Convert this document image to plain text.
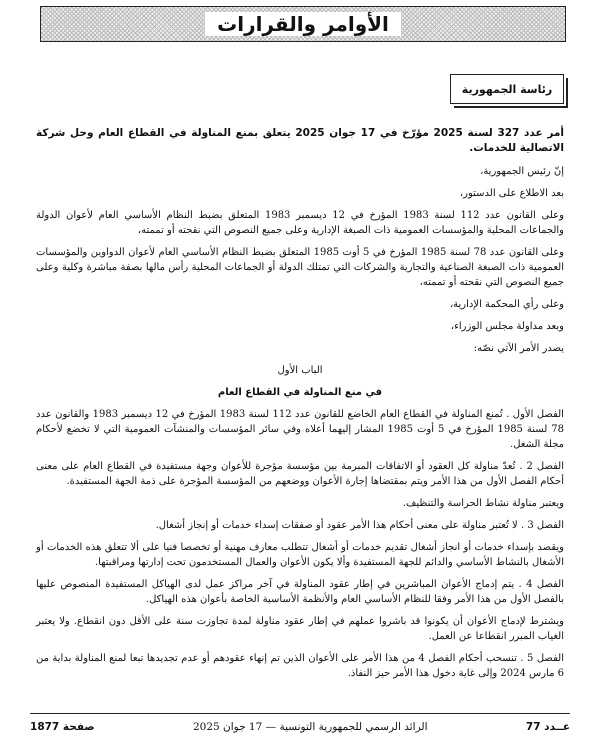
الأوامر والقرارات
رئاسة الجمهورية

أمر عدد 327 لسنة 2025 مؤرّخ في 17 جوان 2025 يتعلق بمنع المناولة في القطاع العام وحل شركة الاتصالية للخدمات.

إنّ رئيس الجمهورية،

بعد الاطلاع على الدستور،

وعلى القانون عدد 112 لسنة 1983 المؤرخ في 12 ديسمبر 1983 المتعلق بضبط النظام الأساسي العام لأعوان الدولة والجماعات المحلية والمؤسسات العمومية ذات الصبغة الإدارية وعلى جميع النصوص التي نقحته أو تممته،

وعلى القانون عدد 78 لسنة 1985 المؤرخ في 5 أوت 1985 المتعلق بضبط النظام الأساسي العام لأعوان الدواوين والمؤسسات العمومية ذات الصبغة الصناعية والتجارية والشركات التي تمتلك الدولة أو الجماعات المحلية رأس مالها بصفة مباشرة وكلية وعلى جميع النصوص التي نقحته أو تممته،

وعلى رأي المحكمة الإدارية،

وبعد مداولة مجلس الوزراء،

يصدر الأمر الآتي نصّه:

الباب الأول

في منع المناولة في القطاع العام

الفصل الأول . تُمنع المناولة في القطاع العام الخاضع للقانون عدد 112 لسنة 1983 المؤرخ في 12 ديسمبر 1983 والقانون عدد 78 لسنة 1985 المؤرخ في 5 أوت 1985 المشار إليهما أعلاه وفي سائر المؤسسات والمنشآت العمومية التي لا تخضع لأحكام مجلة الشغل.

الفصل 2 . تُعدّ مناولة كل العقود أو الاتفاقات المبرمة بين مؤسسة مؤجرة للأعوان وجهة مستفيدة في القطاع العام على معنى أحكام الفصل الأول من هذا الأمر ويتم بمقتضاها إجارة الأعوان ووضعهم من المؤسسة المؤجرة على ذمة الجهة المستفيدة.

ويعتبر مناولة نشاط الحراسة والتنظيف.

الفصل 3 . لا تُعتبر مناولة على معنى أحكام هذا الأمر عقود أو صفقات إسداء خدمات أو إنجاز أشغال.

ويقصد بإسداء خدمات أو انجاز أشغال تقديم خدمات أو أشغال تتطلب معارف مهنية أو تخصصا فنيا على ألا تتعلق هذه الخدمات أو الأشغال بالنشاط الأساسي والدائم للجهة المستفيدة وألا يكون الأعوان والعمال المستخدمون تحت إدارتها ومراقبتها.

الفصل 4 . يتم إدماج الأعوان المباشرين في إطار عقود المناولة في آخر مراكز عمل لدى الهياكل المستفيدة المنصوص عليها بالفصل الأول من هذا الأمر وفقا للنظام الأساسي العام والأنظمة الأساسية الخاصة بأعوان هذه الهياكل.

ويشترط لإدماج الأعوان أن يكونوا قد باشروا عملهم في إطار عقود مناولة لمدة تجاوزت سنة على الأقل دون انقطاع. ولا يعتبر الغياب المبرر انقطاعا عن العمل.

الفصل 5 . تنسحب أحكام الفصل 4 من هذا الأمر على الأعوان الذين تم إنهاء عقودهم أو عدم تجديدها تبعا لمنع المناولة بداية من 6 مارس 2024 وإلى غاية دخول هذا الأمر حيز النفاذ.

عــدد 77
الرائد الرسمي للجمهورية التونسية — 17 جوان 2025
صفحة 1877
